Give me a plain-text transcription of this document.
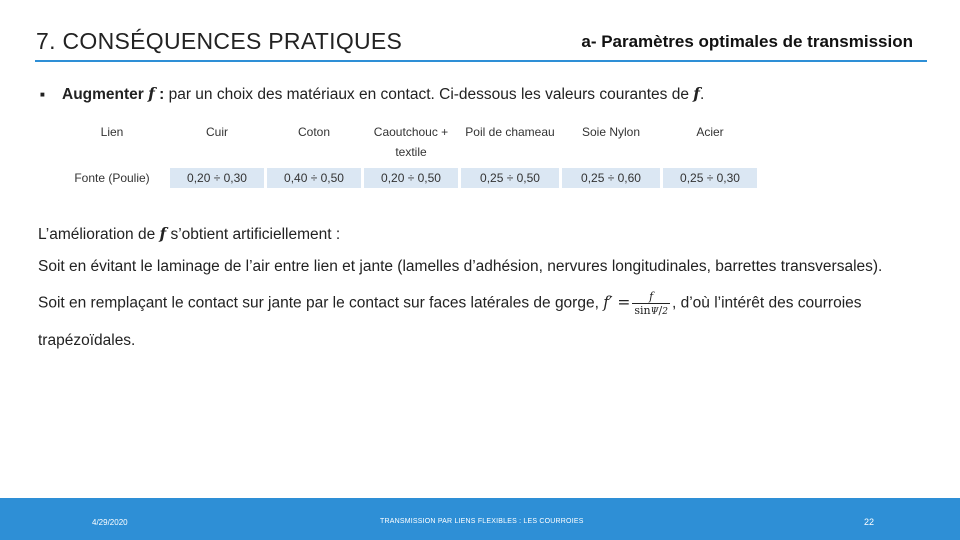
7. CONSÉQUENCES PRATIQUES	a- Paramètres optimales de transmission
■ Augmenter f : par un choix des matériaux en contact. Ci-dessous les valeurs courantes de f.
Lien	Cuir	Coton	Caoutchouc + textile	Poil de chameau	Soie Nylon	Acier
Fonte (Poulie)	0,20 ÷ 0,30	0,40 ÷ 0,50	0,20 ÷ 0,50	0,25 ÷ 0,50	0,25 ÷ 0,60	0,25 ÷ 0,30
L’amélioration de f s’obtient artificiellement :
Soit en évitant le laminage de l’air entre lien et jante (lamelles d’adhésion, nervures longitudinales, barrettes transversales).
Soit en remplaçant le contact sur jante par le contact sur faces latérales de gorge, $f' = \frac{f}{\sin\Psi/2}$ , d’où l’intérêt des courroies
trapézoïdales.
4/29/2020	TRANSMISSION PAR LIENS FLEXIBLES : LES COURROIES	22
